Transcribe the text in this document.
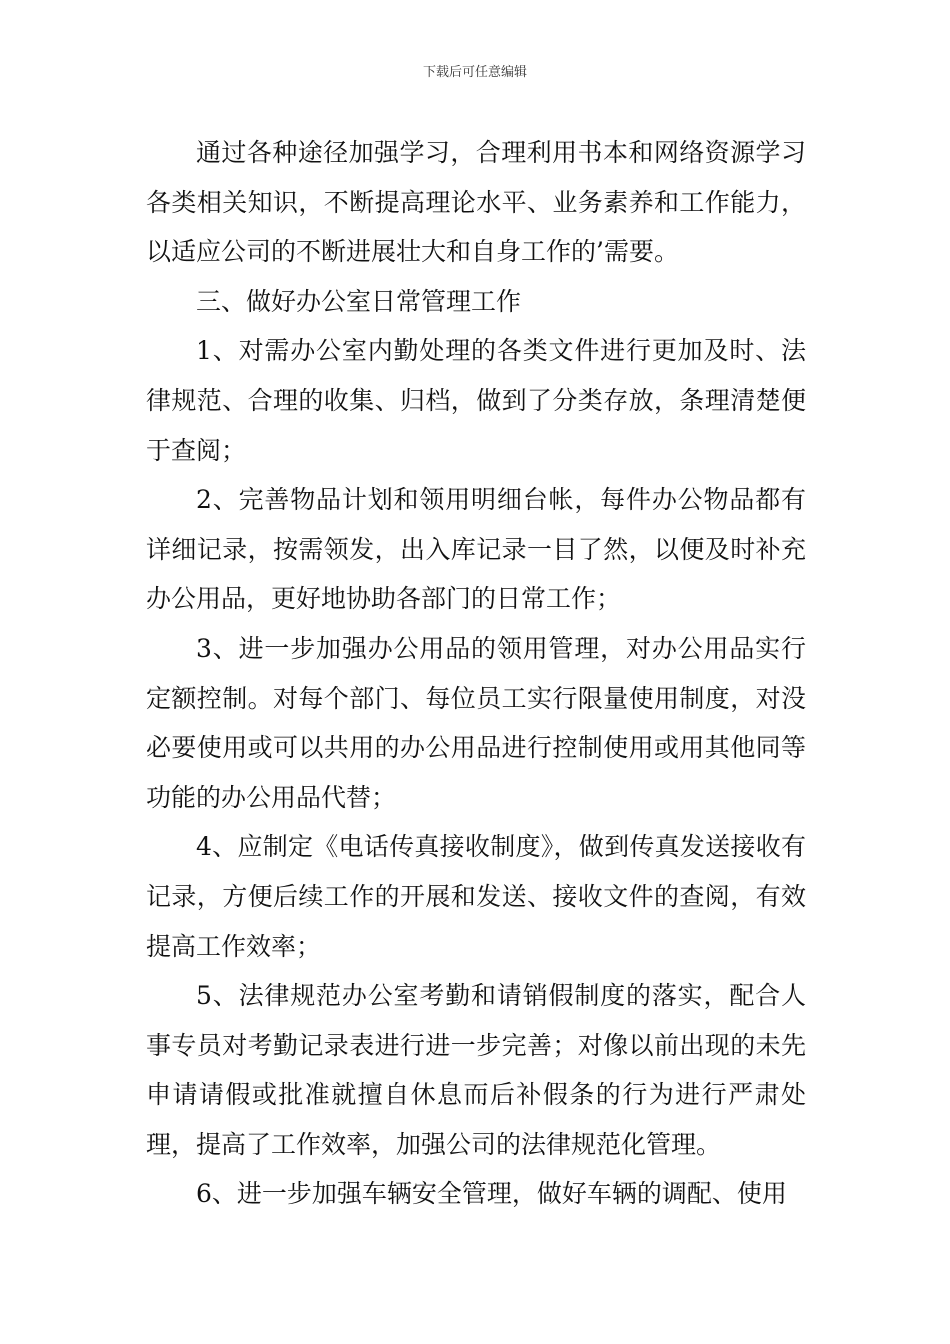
下载后可任意编辑

通过各种途径加强学习，合理利用书本和网络资源学习各类相关知识，不断提高理论水平、业务素养和工作能力，以适应公司的不断进展壮大和自身工作的’需要。

三、做好办公室日常管理工作

1、对需办公室内勤处理的各类文件进行更加及时、法律规范、合理的收集、归档，做到了分类存放，条理清楚便于查阅；

2、完善物品计划和领用明细台帐，每件办公物品都有详细记录，按需领发，出入库记录一目了然，以便及时补充办公用品，更好地协助各部门的日常工作；

3、进一步加强办公用品的领用管理，对办公用品实行定额控制。对每个部门、每位员工实行限量使用制度，对没必要使用或可以共用的办公用品进行控制使用或用其他同等功能的办公用品代替；

4、应制定《电话传真接收制度》，做到传真发送接收有记录，方便后续工作的开展和发送、接收文件的查阅，有效提高工作效率；

5、法律规范办公室考勤和请销假制度的落实，配合人事专员对考勤记录表进行进一步完善；对像以前出现的未先申请请假或批准就擅自休息而后补假条的行为进行严肃处理，提高了工作效率，加强公司的法律规范化管理。

6、进一步加强车辆安全管理，做好车辆的调配、使用
